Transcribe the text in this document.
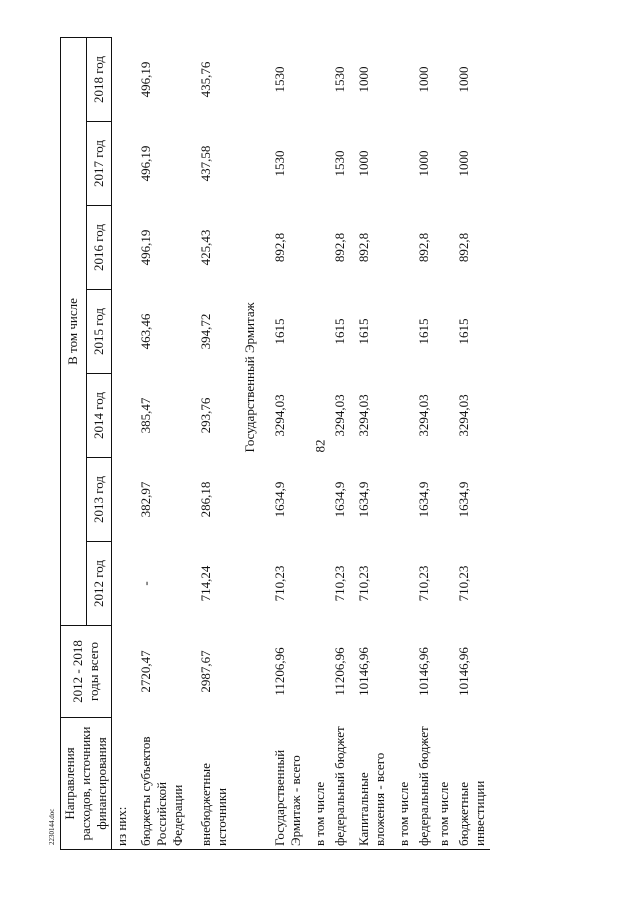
82
2230144.doc
Направления расходов, источники финансирования	2012 - 2018 годы всего	В том числе						
		2012 год	2013 год	2014 год	2015 год	2016 год	2017 год	2018 год
из них:								
бюджеты субъектов Российской Федерации	2720,47	-	382,97	385,47	463,46	496,19	496,19	496,19
внебюджетные источники	2987,67	714,24	286,18	293,76	394,72	425,43	437,58	435,76
	Государственный Эрмитаж							
Государственный Эрмитаж - всего	11206,96	710,23	1634,9	3294,03	1615	892,8	1530	1530
в том числе								
федеральный бюджет	11206,96	710,23	1634,9	3294,03	1615	892,8	1530	1530
Капитальные вложения - всего	10146,96	710,23	1634,9	3294,03	1615	892,8	1000	1000
в том числе								
федеральный бюджет	10146,96	710,23	1634,9	3294,03	1615	892,8	1000	1000
в том числе								
бюджетные инвестиции	10146,96	710,23	1634,9	3294,03	1615	892,8	1000	1000
